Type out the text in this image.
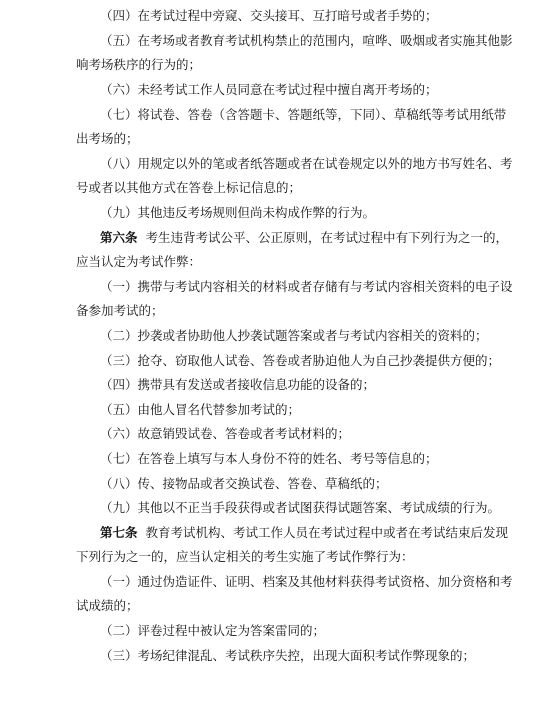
（四）在考试过程中旁窥、交头接耳、互打暗号或者手势的；
（五）在考场或者教育考试机构禁止的范围内，喧哗、吸烟或者实施其他影
响考场秩序的行为的；
（六）未经考试工作人员同意在考试过程中擅自离开考场的；
（七）将试卷、答卷（含答题卡、答题纸等，下同）、草稿纸等考试用纸带
出考场的；
（八）用规定以外的笔或者纸答题或者在试卷规定以外的地方书写姓名、考
号或者以其他方式在答卷上标记信息的；
（九）其他违反考场规则但尚未构成作弊的行为。
第六条 考生违背考试公平、公正原则，在考试过程中有下列行为之一的，
应当认定为考试作弊：
（一）携带与考试内容相关的材料或者存储有与考试内容相关资料的电子设
备参加考试的；
（二）抄袭或者协助他人抄袭试题答案或者与考试内容相关的资料的；
（三）抢夺、窃取他人试卷、答卷或者胁迫他人为自己抄袭提供方便的；
（四）携带具有发送或者接收信息功能的设备的；
（五）由他人冒名代替参加考试的；
（六）故意销毁试卷、答卷或者考试材料的；
（七）在答卷上填写与本人身份不符的姓名、考号等信息的；
（八）传、接物品或者交换试卷、答卷、草稿纸的；
（九）其他以不正当手段获得或者试图获得试题答案、考试成绩的行为。
第七条 教育考试机构、考试工作人员在考试过程中或者在考试结束后发现
下列行为之一的，应当认定相关的考生实施了考试作弊行为：
（一）通过伪造证件、证明、档案及其他材料获得考试资格、加分资格和考
试成绩的；
（二）评卷过程中被认定为答案雷同的；
（三）考场纪律混乱、考试秩序失控，出现大面积考试作弊现象的；
